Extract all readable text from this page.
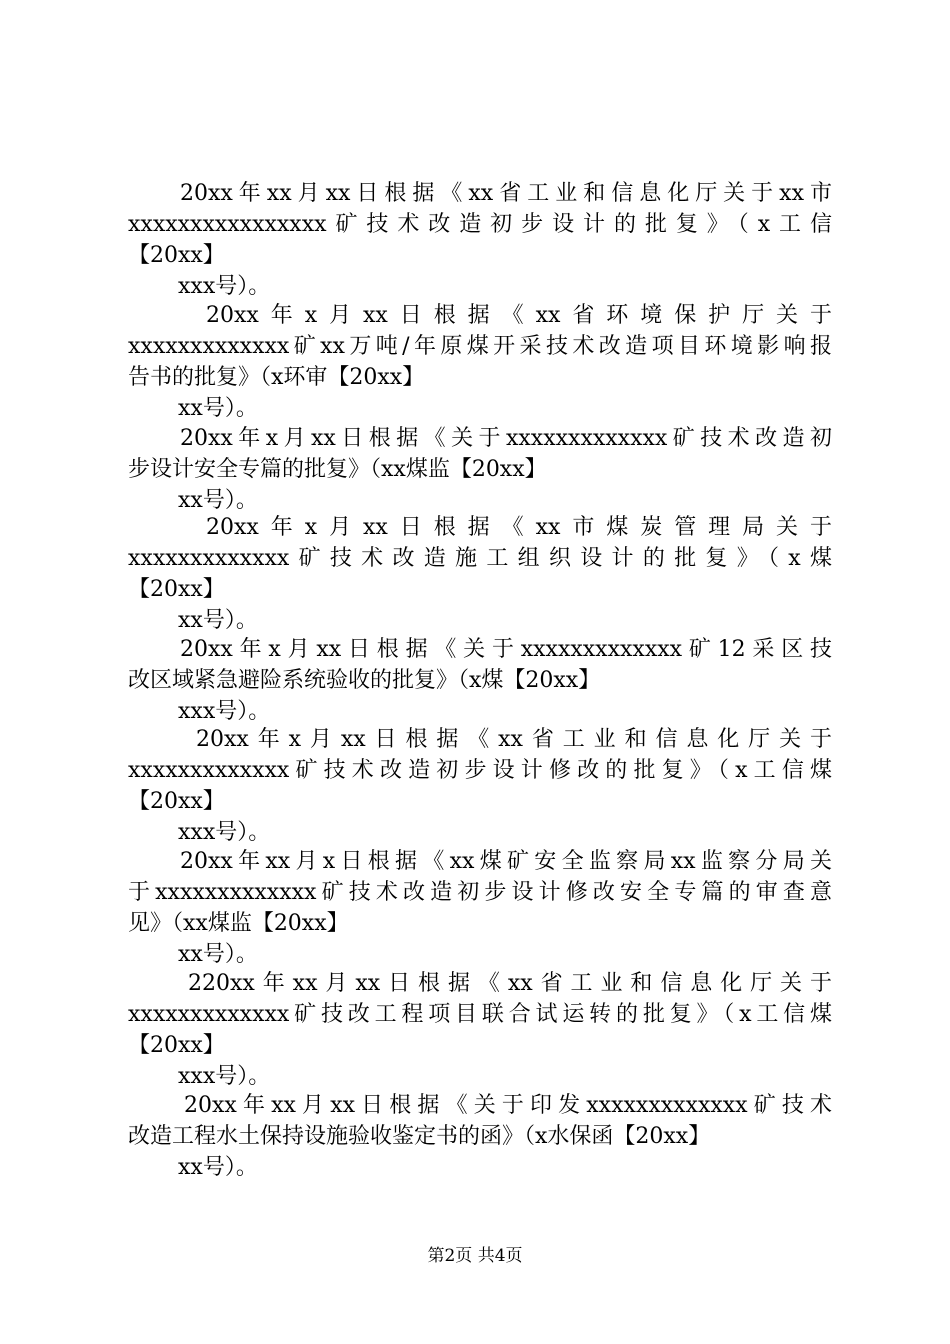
20xx年xx月xx日根据《xx省工业和信息化厅关于xx市
xxxxxxxxxxxxxxxx矿技术改造初步设计的批复》（x工信
【20xx】
xxx号）。
20xx年x月xx日根据《xx省环境保护厅关于
xxxxxxxxxxxxx矿xx万吨/年原煤开采技术改造项目环境影响报
告书的批复》（x环审【20xx】
xx号）。
20xx年x月xx日根据《关于xxxxxxxxxxxxx矿技术改造初
步设计安全专篇的批复》（xx煤监【20xx】
xx号）。
20xx年x月xx日根据《xx市煤炭管理局关于
xxxxxxxxxxxxx矿技术改造施工组织设计的批复》（x煤
【20xx】
xx号）。
20xx年x月xx日根据《关于xxxxxxxxxxxxx矿12采区技
改区域紧急避险系统验收的批复》（x煤【20xx】
xxx号）。
20xx年x月xx日根据《xx省工业和信息化厅关于
xxxxxxxxxxxxx矿技术改造初步设计修改的批复》（x工信煤
【20xx】
xxx号）。
20xx年xx月x日根据《xx煤矿安全监察局xx监察分局关
于xxxxxxxxxxxxx矿技术改造初步设计修改安全专篇的审查意
见》（xx煤监【20xx】
xx号）。
220xx年xx月xx日根据《xx省工业和信息化厅关于
xxxxxxxxxxxxx矿技改工程项目联合试运转的批复》（x工信煤
【20xx】
xxx号）。
20xx年xx月xx日根据《关于印发xxxxxxxxxxxxx矿技术
改造工程水土保持设施验收鉴定书的函》（x水保函【20xx】
xx号）。
第2页 共4页
